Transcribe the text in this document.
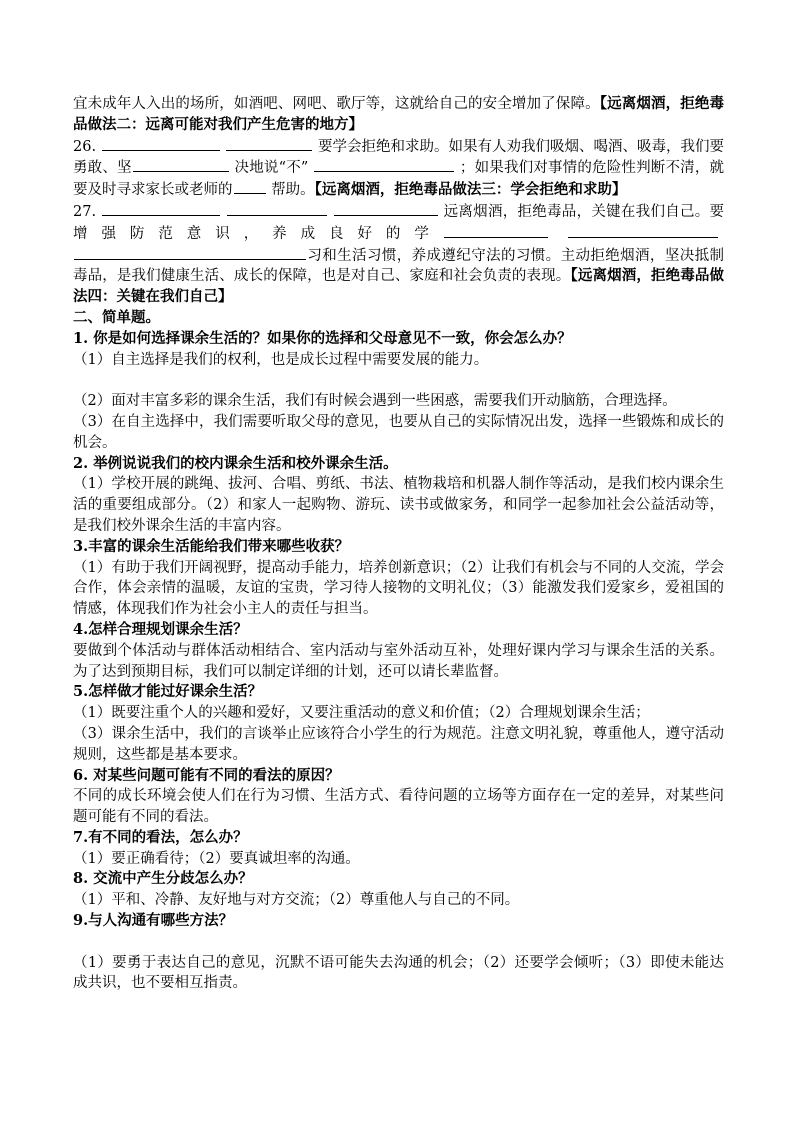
宜未成年人入出的场所，如酒吧、网吧、歌厅等，这就给自己的安全增加了保障。【远离烟酒，拒绝毒品做法二：远离可能对我们产生危害的地方】

26.	要学会拒绝和求助。如果有人劝我们吸烟、喝酒、吸毒，我们要勇敢、坚	决地说“不”	；如果我们对事情的危险性判断不清，就要及时寻求家长或老师的	帮助。【远离烟酒，拒绝毒品做法三：学会拒绝和求助】

27.	远离烟酒，拒绝毒品，关键在我们自己。要增强防范意识，养成良好的学  习和生活习惯，养成遵纪守法的习惯。主动拒绝烟酒，坚决抵制毒品，是我们健康生活、成长的保障，也是对自己、家庭和社会负责的表现。【远离烟酒，拒绝毒品做法四：关键在我们自己】

二、简单题。

1. 你是如何选择课余生活的？如果你的选择和父母意见不一致，你会怎么办？

（1）自主选择是我们的权利，也是成长过程中需要发展的能力。

（2）面对丰富多彩的课余生活，我们有时候会遇到一些困惑，需要我们开动脑筋，合理选择。

（3）在自主选择中，我们需要听取父母的意见，也要从自己的实际情况出发，选择一些锻炼和成长的机会。

2. 举例说说我们的校内课余生活和校外课余生活。

（1）学校开展的跳绳、拔河、合唱、剪纸、书法、植物栽培和机器人制作等活动，是我们校内课余生活的重要组成部分。（2）和家人一起购物、游玩、读书或做家务，和同学一起参加社会公益活动等，是我们校外课余生活的丰富内容。

3.丰富的课余生活能给我们带来哪些收获？

（1）有助于我们开阔视野，提高动手能力，培养创新意识；（2）让我们有机会与不同的人交流，学会合作，体会亲情的温暖，友谊的宝贵，学习待人接物的文明礼仪；（3）能激发我们爱家乡，爱祖国的情感，体现我们作为社会小主人的责任与担当。

4.怎样合理规划课余生活？

要做到个体活动与群体活动相结合、室内活动与室外活动互补，处理好课内学习与课余生活的关系。为了达到预期目标，我们可以制定详细的计划，还可以请长辈监督。

5.怎样做才能过好课余生活？

（1）既要注重个人的兴趣和爱好，又要注重活动的意义和价值；（2）合理规划课余生活；

（3）课余生活中，我们的言谈举止应该符合小学生的行为规范。注意文明礼貌，尊重他人，遵守活动规则，这些都是基本要求。

6. 对某些问题可能有不同的看法的原因？

不同的成长环境会使人们在行为习惯、生活方式、看待问题的立场等方面存在一定的差异，对某些问题可能有不同的看法。

7.有不同的看法，怎么办？

（1）要正确看待；（2）要真诚坦率的沟通。

8. 交流中产生分歧怎么办？

（1）平和、冷静、友好地与对方交流；（2）尊重他人与自己的不同。

9.与人沟通有哪些方法？

（1）要勇于表达自己的意见，沉默不语可能失去沟通的机会；（2）还要学会倾听；（3）即使未能达成共识，也不要相互指责。
